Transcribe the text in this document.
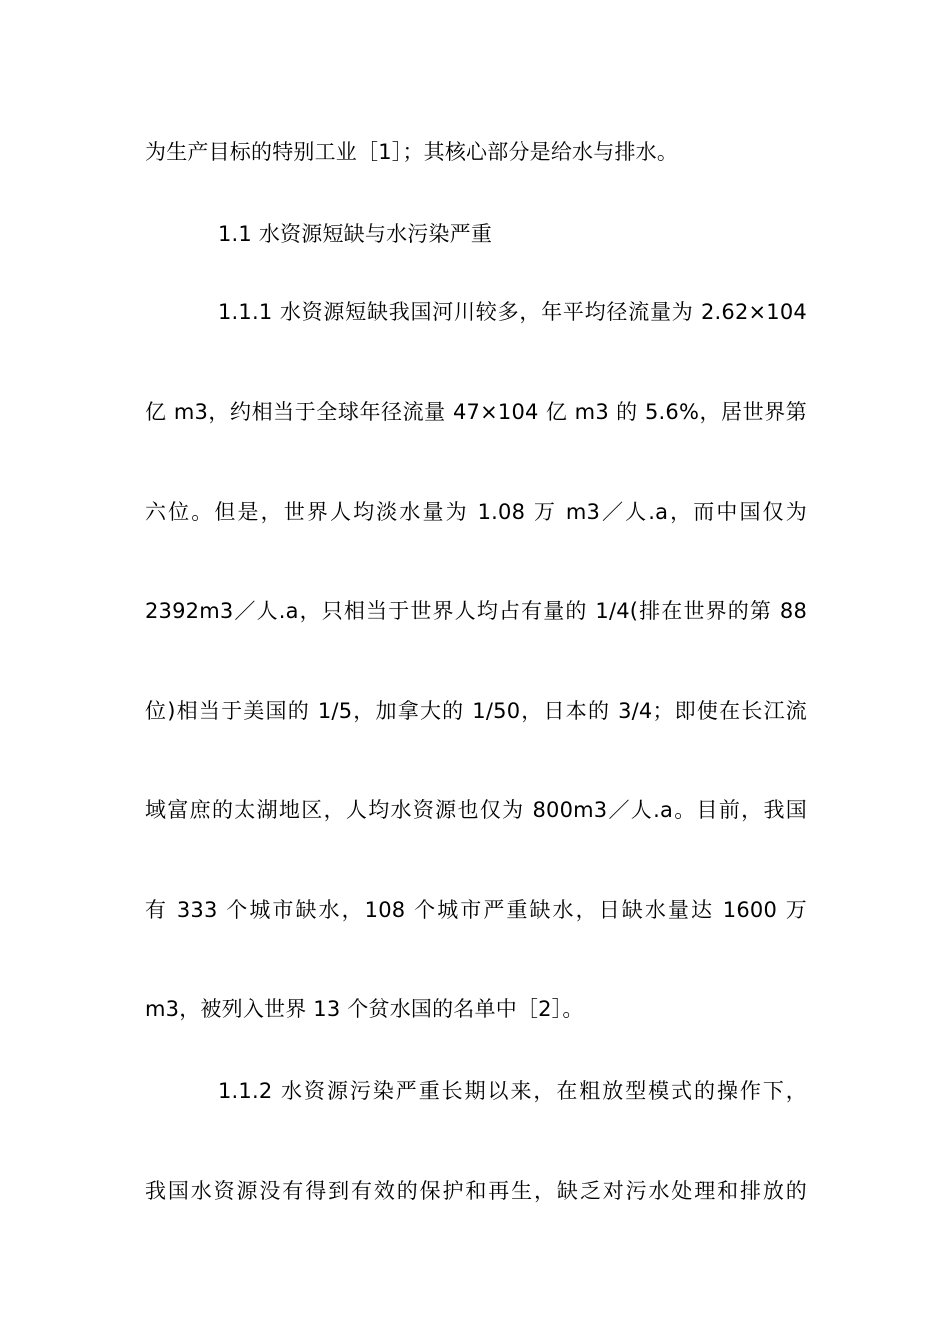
为生产目标的特别工业［1］；其核心部分是给水与排水。
1.1 水资源短缺与水污染严重
1.1.1 水资源短缺我国河川较多，年平均径流量为 2.62×104
亿 m3，约相当于全球年径流量 47×104 亿 m3 的 5.6%，居世界第
六位。但是，世界人均淡水量为 1.08 万 m3／人.a，而中国仅为
2392m3／人.a，只相当于世界人均占有量的 1/4(排在世界的第 88
位)相当于美国的 1/5，加拿大的 1/50，日本的 3/4；即使在长江流
域富庶的太湖地区，人均水资源也仅为 800m3／人.a。目前，我国
有 333 个城市缺水，108 个城市严重缺水，日缺水量达 1600 万
m3，被列入世界 13 个贫水国的名单中［2］。
1.1.2 水资源污染严重长期以来，在粗放型模式的操作下，
我国水资源没有得到有效的保护和再生，缺乏对污水处理和排放的
